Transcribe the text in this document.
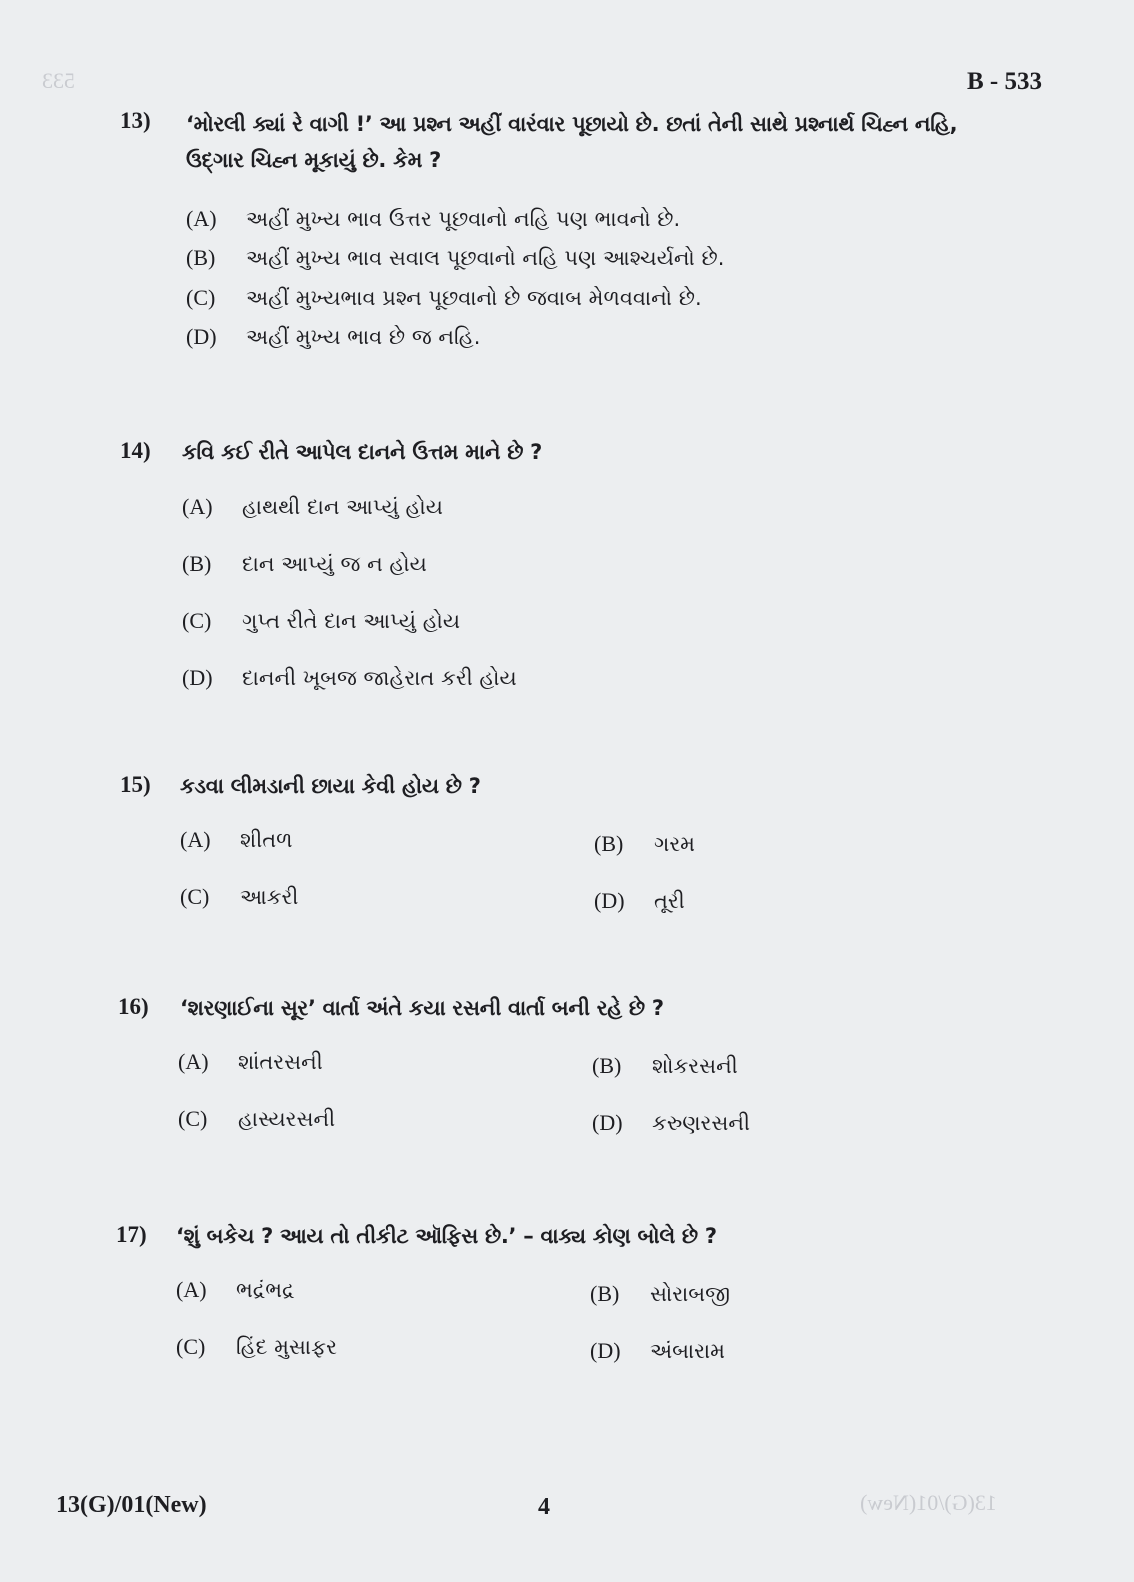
533
13(G)/01(New)
B - 533
13) ‘મોરલી ક્યાં રે વાગી !’ આ પ્રશ્ન અહીં વારંવાર પૂછાયો છે. છતાં તેની સાથે પ્રશ્નાર્થ ચિહ્ન નહિ,
ઉદ્ગાર ચિહ્ન મૂકાયું છે. કેમ ?
(A) અહીં મુખ્ય ભાવ ઉત્તર પૂછવાનો નહિ પણ ભાવનો છે.
(B) અહીં મુખ્ય ભાવ સવાલ પૂછવાનો નહિ પણ આશ્ચર્યનો છે.
(C) અહીં મુખ્યભાવ પ્રશ્ન પૂછવાનો છે જવાબ મેળવવાનો છે.
(D) અહીં મુખ્ય ભાવ છે જ નહિ.
14) કવિ કઈ રીતે આપેલ દાનને ઉત્તમ માને છે ?
(A) હાથથી દાન આપ્યું હોય
(B) દાન આપ્યું જ ન હોય
(C) ગુપ્ત રીતે દાન આપ્યું હોય
(D) દાનની ખૂબજ જાહેરાત કરી હોય
15) કડવા લીમડાની છાયા કેવી હોય છે ?
(A) શીતળ	(B) ગરમ
(C) આકરી	(D) તૂરી
16) ‘શરણાઈના સૂર’ વાર્તા અંતે કયા રસની વાર્તા બની રહે છે ?
(A) શાંતરસની	(B) શોકરસની
(C) હાસ્યરસની	(D) કરુણરસની
17) ‘શું બકેચ ? આય તો તીકીટ ઑફિસ છે.’ – વાક્ય કોણ બોલે છે ?
(A) ભદ્રંભદ્ર	(B) સોરાબજી
(C) હિંદ મુસાફર	(D) અંબારામ
13(G)/01(New)	4
